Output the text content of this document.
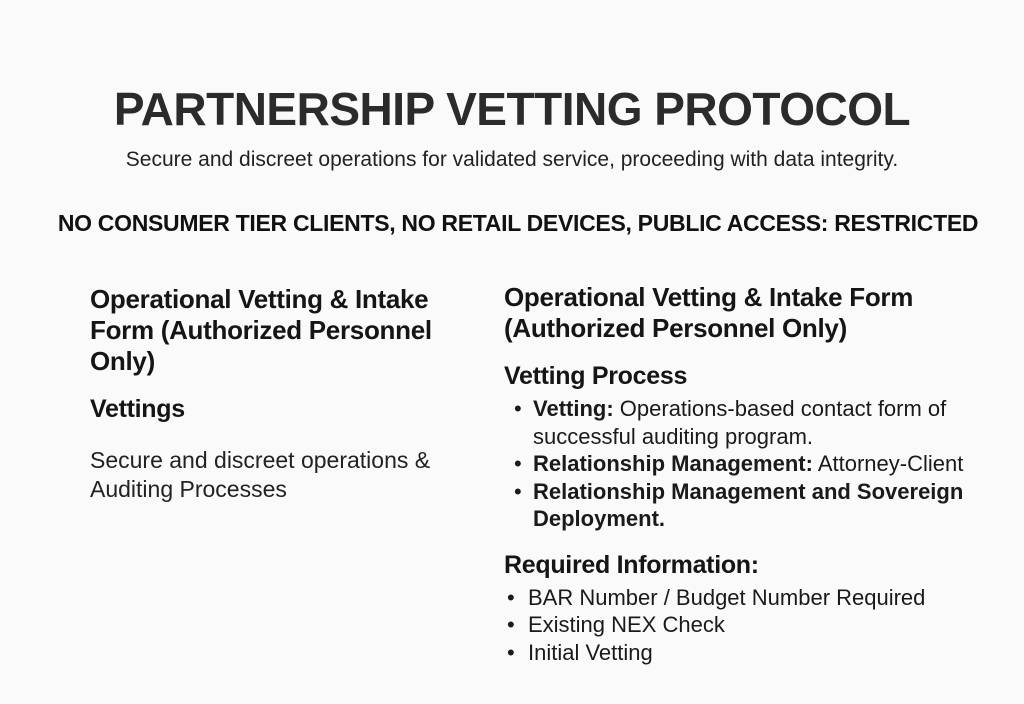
PARTNERSHIP VETTING PROTOCOL

Secure and discreet operations for validated service, proceeding with data integrity.

NO CONSUMER TIER CLIENTS, NO RETAIL DEVICES, PUBLIC ACCESS: RESTRICTED

Operational Vetting & Intake Form (Authorized Personnel Only)
Vettings

Secure and discreet operations & Auditing Processes

Operational Vetting & Intake Form (Authorized Personnel Only)
Vetting Process
• Vetting: Operations-based contact form of successful auditing program.
• Relationship Management: Attorney-Client
• Relationship Management and Sovereign Deployment.
Required Information:
• BAR Number / Budget Number Required
• Existing NEX Check
• Initial Vetting
